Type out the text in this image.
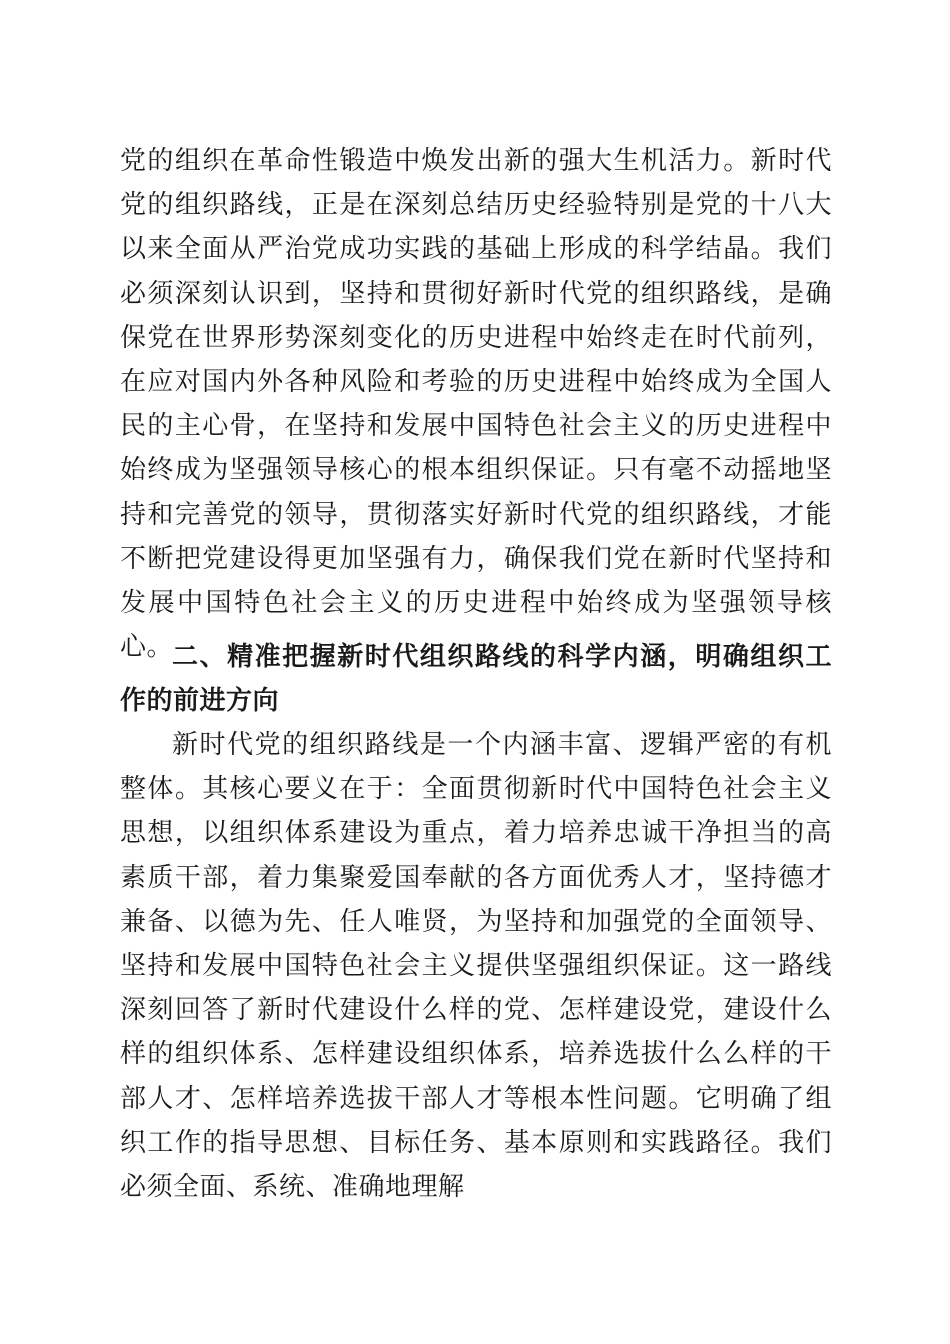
党的组织在革命性锻造中焕发出新的强大生机活力。新时代党的组织路线，正是在深刻总结历史经验特别是党的十八大以来全面从严治党成功实践的基础上形成的科学结晶。我们必须深刻认识到，坚持和贯彻好新时代党的组织路线，是确保党在世界形势深刻变化的历史进程中始终走在时代前列，在应对国内外各种风险和考验的历史进程中始终成为全国人民的主心骨，在坚持和发展中国特色社会主义的历史进程中始终成为坚强领导核心的根本组织保证。只有毫不动摇地坚持和完善党的领导，贯彻落实好新时代党的组织路线，才能不断把党建设得更加坚强有力，确保我们党在新时代坚持和发展中国特色社会主义的历史进程中始终成为坚强领导核心。

二、精准把握新时代组织路线的科学内涵，明确组织工作的前进方向

新时代党的组织路线是一个内涵丰富、逻辑严密的有机整体。其核心要义在于：全面贯彻新时代中国特色社会主义思想，以组织体系建设为重点，着力培养忠诚干净担当的高素质干部，着力集聚爱国奉献的各方面优秀人才，坚持德才兼备、以德为先、任人唯贤，为坚持和加强党的全面领导、坚持和发展中国特色社会主义提供坚强组织保证。这一路线深刻回答了新时代建设什么样的党、怎样建设党，建设什么样的组织体系、怎样建设组织体系，培养选拔什么么样的干部人才、怎样培养选拔干部人才等根本性问题。它明确了组织工作的指导思想、目标任务、基本原则和实践路径。我们必须全面、系统、准确地理解
